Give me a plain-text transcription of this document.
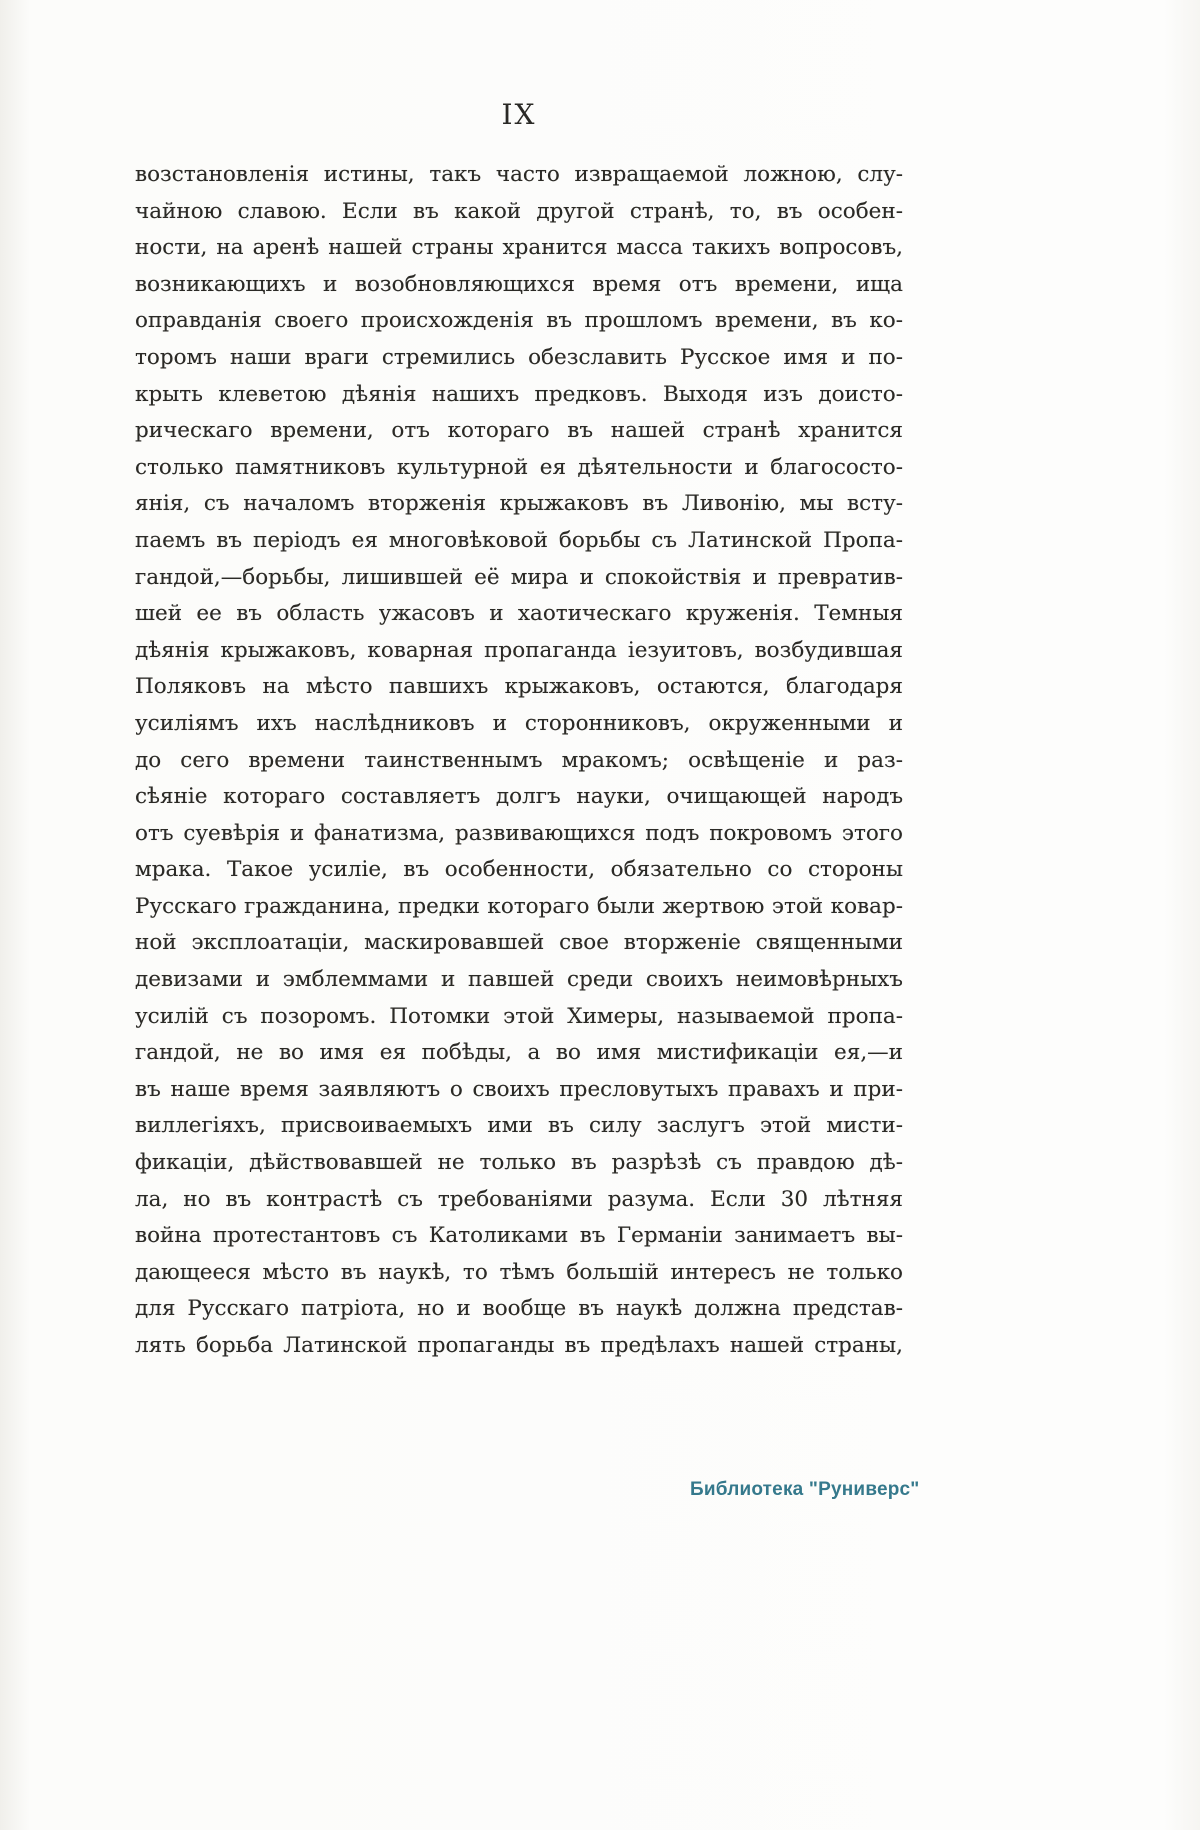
IX
возстановленія истины, такъ часто извращаемой ложною, слу-
чайною славою. Если въ какой другой странѣ, то, въ особен-
ности, на аренѣ нашей страны хранится масса такихъ вопросовъ,
возникающихъ и возобновляющихся время отъ времени, ища
оправданія своего происхожденія въ прошломъ времени, въ ко-
торомъ наши враги стремились обезславить Русское имя и по-
крыть клеветою дѣянія нашихъ предковъ. Выходя изъ доисто-
рическаго времени, отъ котораго въ нашей странѣ хранится
столько памятниковъ культурной ея дѣятельности и благососто-
янія, съ началомъ вторженія крыжаковъ въ Ливонію, мы всту-
паемъ въ періодъ ея многовѣковой борьбы съ Латинской Пропа-
гандой,—борьбы, лишившей её мира и спокойствія и превратив-
шей ее въ область ужасовъ и хаотическаго круженія. Темныя
дѣянія крыжаковъ, коварная пропаганда іезуитовъ, возбудившая
Поляковъ на мѣсто павшихъ крыжаковъ, остаются, благодаря
усиліямъ ихъ наслѣдниковъ и сторонниковъ, окруженными и
до сего времени таинственнымъ мракомъ; освѣщеніе и раз-
сѣяніе котораго составляетъ долгъ науки, очищающей народъ
отъ суевѣрія и фанатизма, развивающихся подъ покровомъ этого
мрака. Такое усиліе, въ особенности, обязательно со стороны
Русскаго гражданина, предки котораго были жертвою этой ковар-
ной эксплоатаціи, маскировавшей свое вторженіе священными
девизами и эмблеммами и павшей среди своихъ неимовѣрныхъ
усилій съ позоромъ. Потомки этой Химеры, называемой пропа-
гандой, не во имя ея побѣды, а во имя мистификаціи ея,—и
въ наше время заявляютъ о своихъ пресловутыхъ правахъ и при-
виллегіяхъ, присвоиваемыхъ ими въ силу заслугъ этой мисти-
фикаціи, дѣйствовавшей не только въ разрѣзѣ съ правдою дѣ-
ла, но въ контрастѣ съ требованіями разума. Если 30 лѣтняя
война протестантовъ съ Католиками въ Германіи занимаетъ вы-
дающееся мѣсто въ наукѣ, то тѣмъ большій интересъ не только
для Русскаго патріота, но и вообще въ наукѣ должна представ-
лять борьба Латинской пропаганды въ предѣлахъ нашей страны,
Библиотека "Руниверс"
